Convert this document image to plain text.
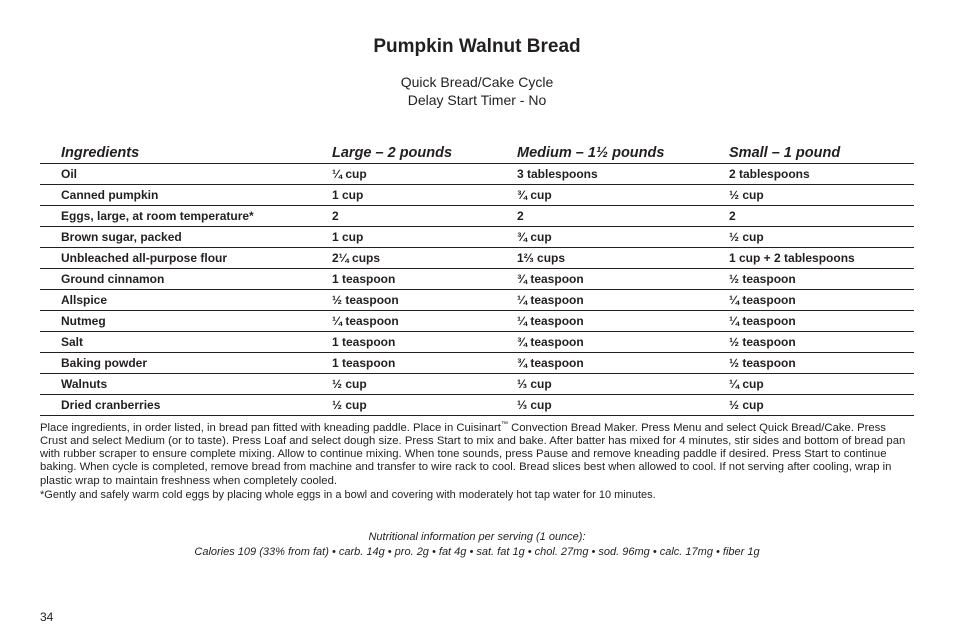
Pumpkin Walnut Bread
Quick Bread/Cake Cycle
Delay Start Timer - No
Ingredients	Large – 2 pounds	Medium – 1½ pounds	Small – 1 pound
Oil	¼ cup	3 tablespoons	2 tablespoons
Canned pumpkin	1 cup	¾ cup	½ cup
Eggs, large, at room temperature*	2	2	2
Brown sugar, packed	1 cup	¾ cup	½ cup
Unbleached all-purpose flour	2¼ cups	1⅔ cups	1 cup + 2 tablespoons
Ground cinnamon	1 teaspoon	¾ teaspoon	½ teaspoon
Allspice	½ teaspoon	¼ teaspoon	¼ teaspoon
Nutmeg	¼ teaspoon	¼ teaspoon	¼ teaspoon
Salt	1 teaspoon	¾ teaspoon	½ teaspoon
Baking powder	1 teaspoon	¾ teaspoon	½ teaspoon
Walnuts	½ cup	⅓ cup	¼ cup
Dried cranberries	½ cup	⅓ cup	½ cup
Place ingredients, in order listed, in bread pan fitted with kneading paddle. Place in Cuisinart™ Convection Bread Maker. Press Menu and select Quick Bread/Cake. Press Crust and select Medium (or to taste). Press Loaf and select dough size. Press Start to mix and bake. After batter has mixed for 4 minutes, stir sides and bottom of bread pan with rubber scraper to ensure complete mixing. Allow to continue mixing. When tone sounds, press Pause and remove kneading paddle if desired. Press Start to continue baking. When cycle is completed, remove bread from machine and transfer to wire rack to cool. Bread slices best when allowed to cool. If not serving after cooling, wrap in plastic wrap to maintain freshness when completely cooled.
*Gently and safely warm cold eggs by placing whole eggs in a bowl and covering with moderately hot tap water for 10 minutes.
Nutritional information per serving (1 ounce):
Calories 109 (33% from fat) • carb. 14g • pro. 2g • fat 4g • sat. fat 1g • chol. 27mg • sod. 96mg • calc. 17mg • fiber 1g
34
